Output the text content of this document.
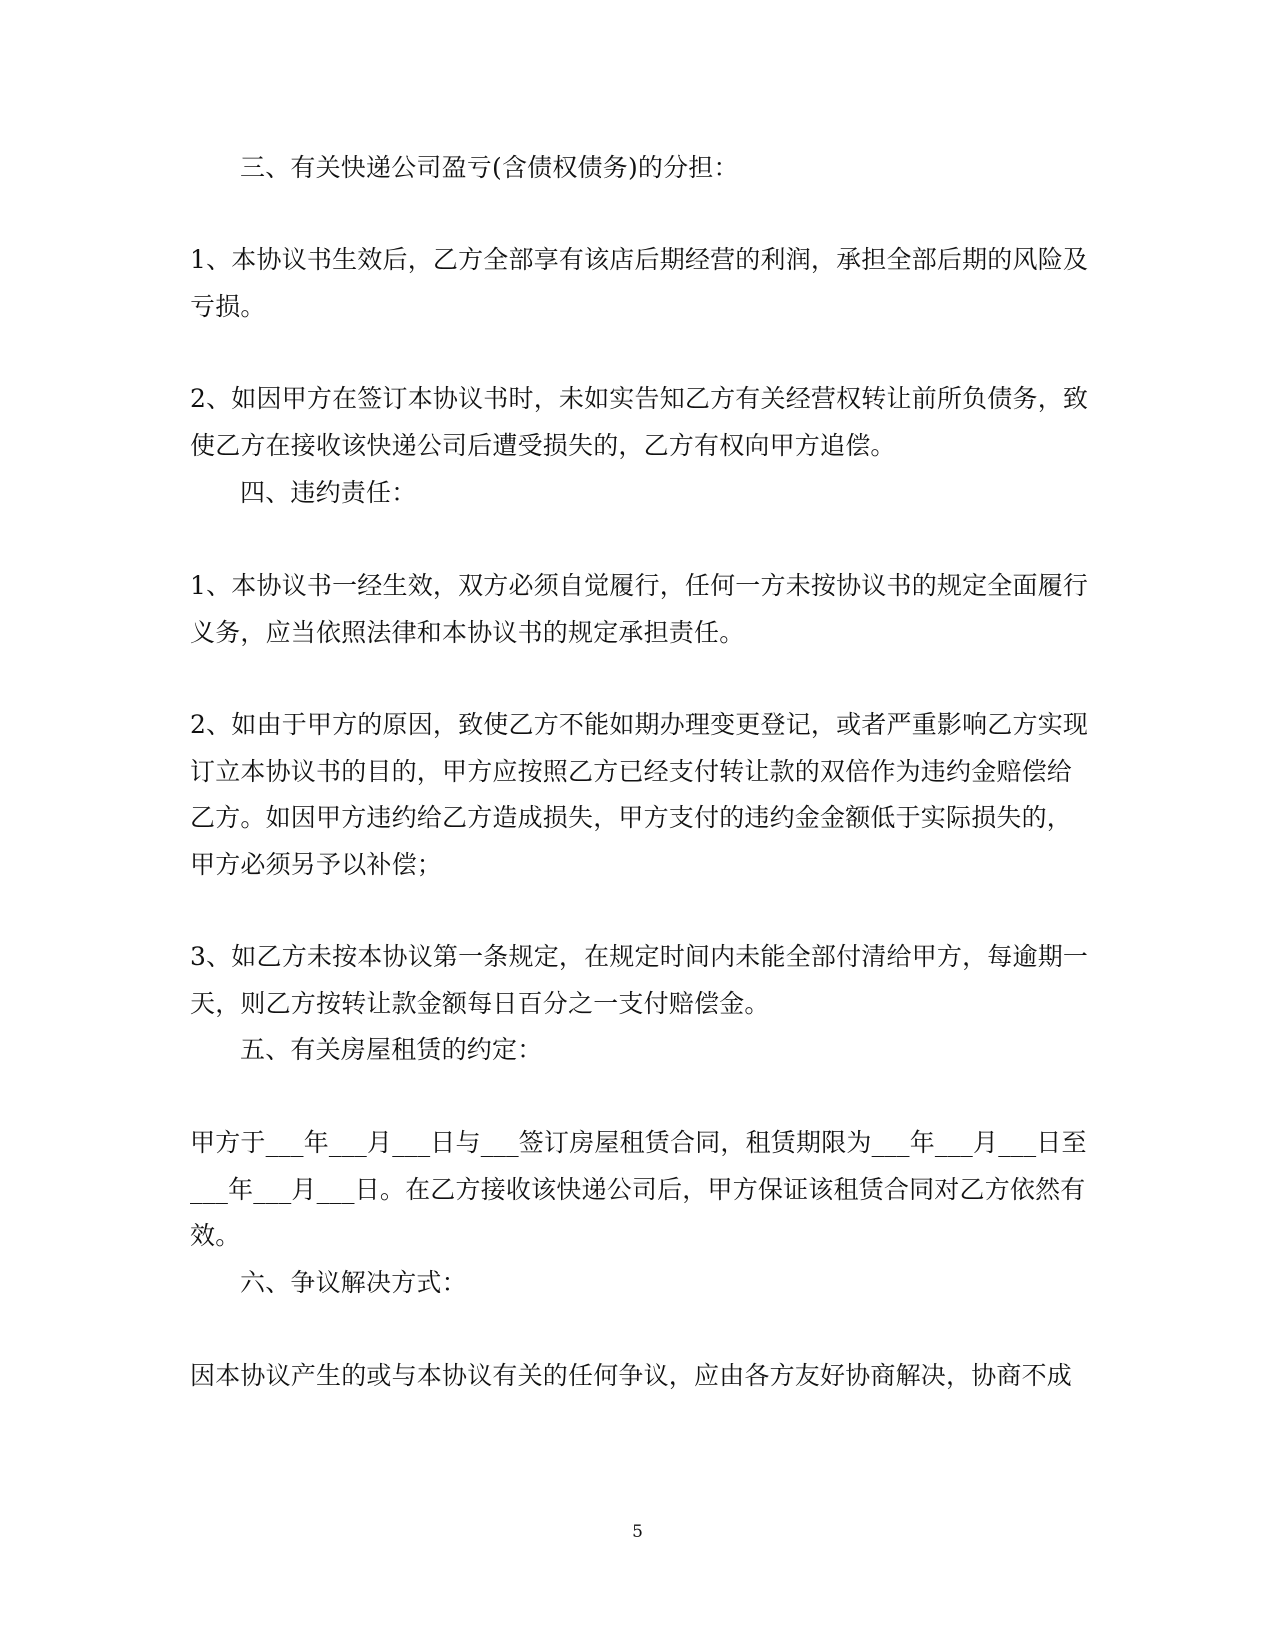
三、有关快递公司盈亏(含债权债务)的分担：
1、本协议书生效后，乙方全部享有该店后期经营的利润，承担全部后期的风险及
亏损。
2、如因甲方在签订本协议书时，未如实告知乙方有关经营权转让前所负债务，致
使乙方在接收该快递公司后遭受损失的，乙方有权向甲方追偿。
四、违约责任：
1、本协议书一经生效，双方必须自觉履行，任何一方未按协议书的规定全面履行
义务，应当依照法律和本协议书的规定承担责任。
2、如由于甲方的原因，致使乙方不能如期办理变更登记，或者严重影响乙方实现
订立本协议书的目的，甲方应按照乙方已经支付转让款的双倍作为违约金赔偿给
乙方。如因甲方违约给乙方造成损失，甲方支付的违约金金额低于实际损失的，
甲方必须另予以补偿；
3、如乙方未按本协议第一条规定，在规定时间内未能全部付清给甲方，每逾期一
天，则乙方按转让款金额每日百分之一支付赔偿金。
五、有关房屋租赁的约定：
甲方于___年___月___日与___签订房屋租赁合同，租赁期限为___年___月___日至
___年___月___日。在乙方接收该快递公司后，甲方保证该租赁合同对乙方依然有
效。
六、争议解决方式：
因本协议产生的或与本协议有关的任何争议，应由各方友好协商解决，协商不成
5
